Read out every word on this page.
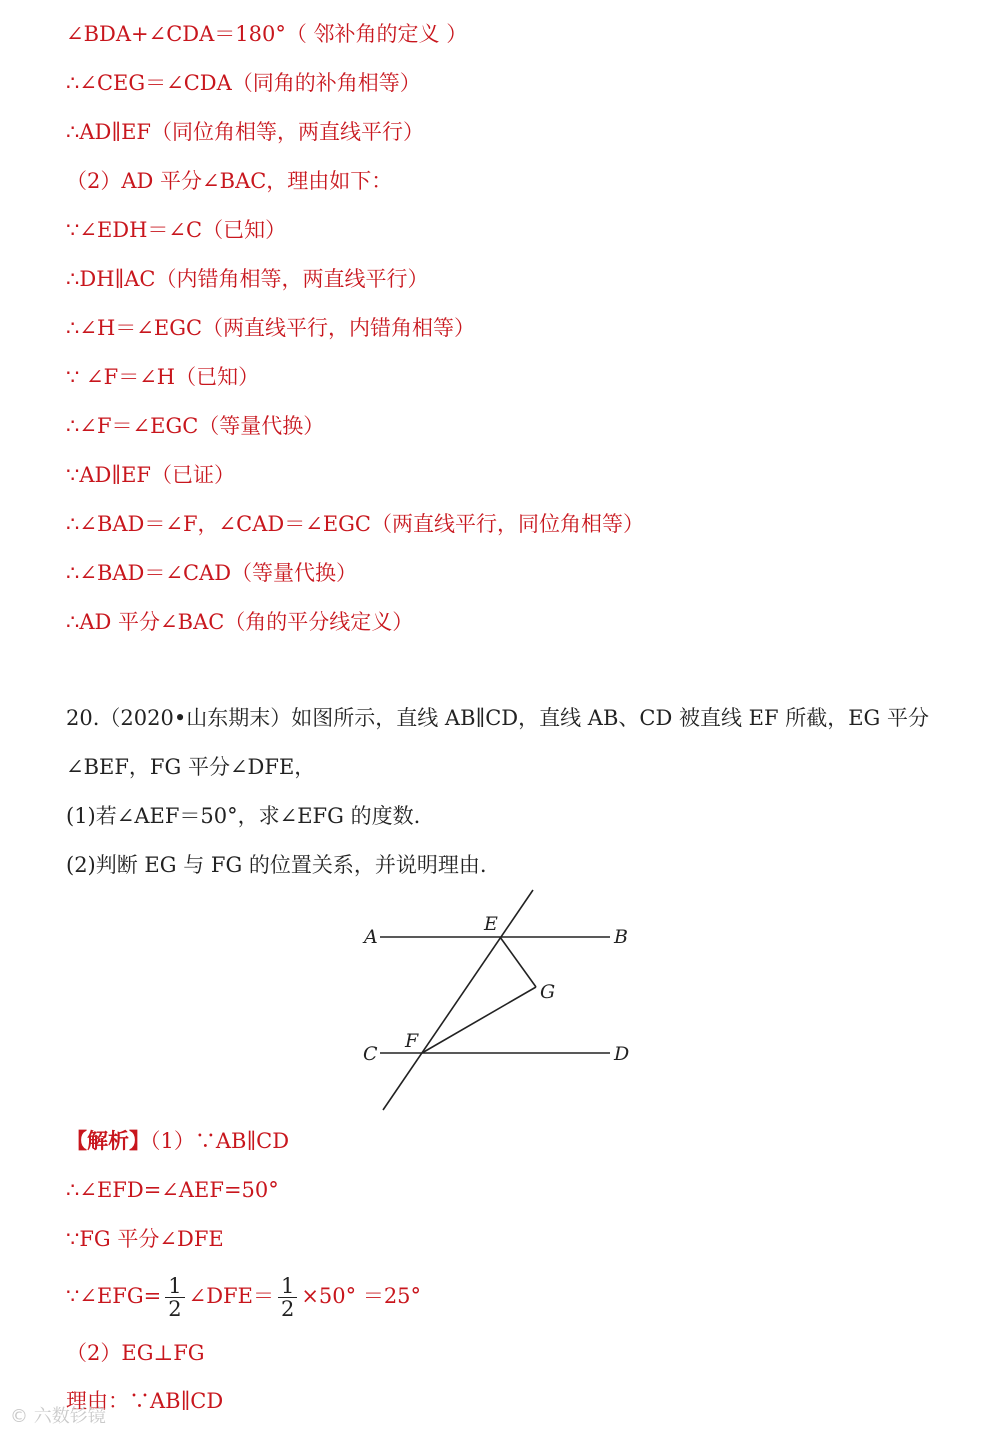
∠BDA+∠CDA＝180°（ 邻补角的定义 ）
∴∠CEG＝∠CDA（同角的补角相等）
∴AD∥EF（同位角相等，两直线平行）
（2）AD 平分∠BAC，理由如下：
∵∠EDH＝∠C（已知）
∴DH∥AC（内错角相等，两直线平行）
∴∠H＝∠EGC（两直线平行，内错角相等）
∵ ∠F＝∠H（已知）
∴∠F＝∠EGC（等量代换）
∵AD∥EF（已证）
∴∠BAD＝∠F，∠CAD＝∠EGC（两直线平行，同位角相等）
∴∠BAD＝∠CAD（等量代换）
∴AD 平分∠BAC（角的平分线定义）
20.（2020•山东期末）如图所示，直线 AB∥CD，直线 AB、CD 被直线 EF 所截，EG 平分
∠BEF，FG 平分∠DFE，
(1)若∠AEF＝50°，求∠EFG 的度数.
(2)判断 EG 与 FG 的位置关系，并说明理由.
【解析】（1）∵AB∥CD
∴∠EFD=∠AEF=50°
∵FG 平分∠DFE
∵∠EFG= $\frac{1}{2}$ ∠DFE＝ $\frac{1}{2} \times 50^\circ =25^\circ$
（2）EG⊥FG
理由：∵AB∥CD
A	B
C	D
E
F
G
© 六数钐镜
